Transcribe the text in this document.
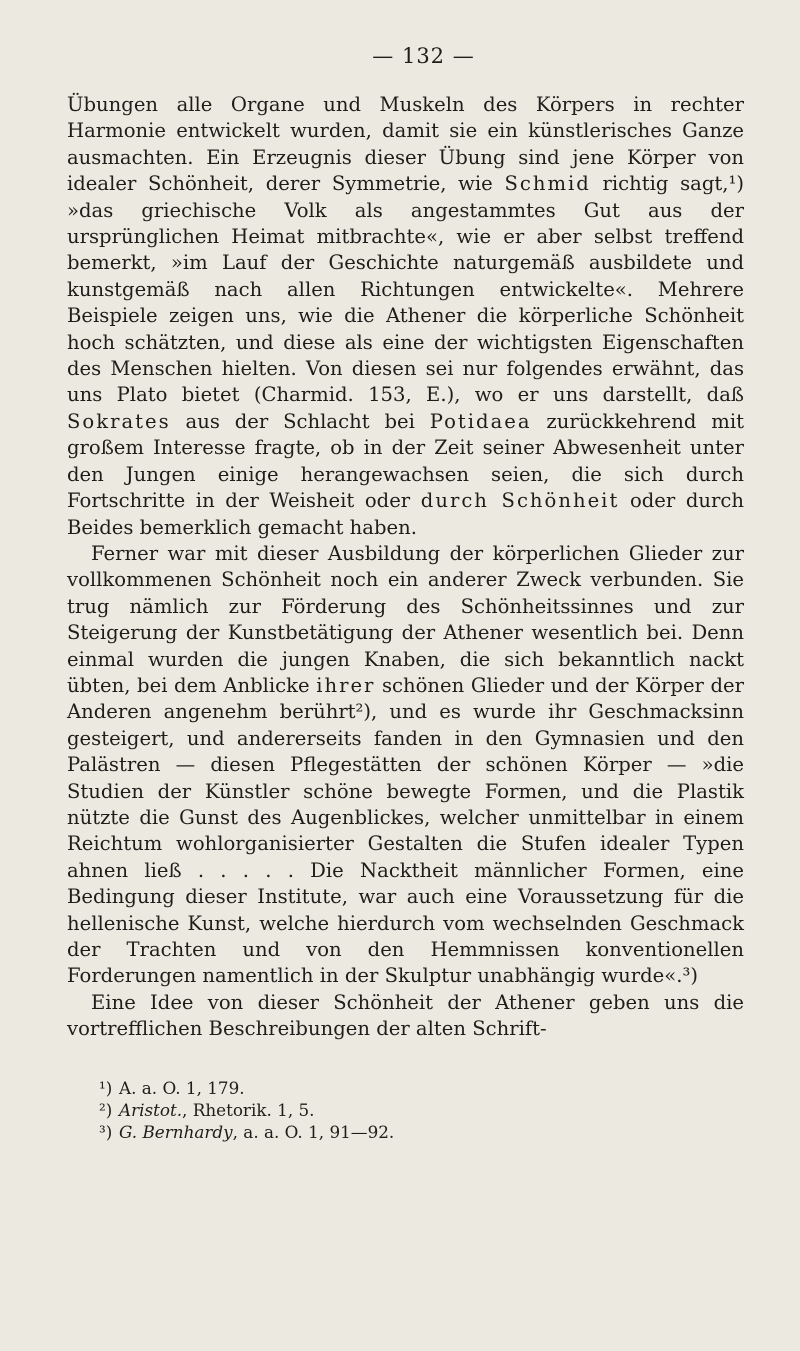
— 132 —

Übungen alle Organe und Muskeln des Körpers in rechter Harmonie entwickelt wurden, damit sie ein künstlerisches Ganze ausmachten. Ein Erzeugnis dieser Übung sind jene Körper von idealer Schönheit, derer Symmetrie, wie Schmid richtig sagt,¹) »das griechische Volk als angestammtes Gut aus der ursprünglichen Heimat mitbrachte«, wie er aber selbst treffend bemerkt, »im Lauf der Geschichte naturgemäß ausbildete und kunstgemäß nach allen Richtungen entwickelte«. Mehrere Beispiele zeigen uns, wie die Athener die körperliche Schönheit hoch schätzten, und diese als eine der wichtigsten Eigenschaften des Menschen hielten. Von diesen sei nur folgendes erwähnt, das uns Plato bietet (Charmid. 153, E.), wo er uns darstellt, daß Sokrates aus der Schlacht bei Potidaea zurückkehrend mit großem Interesse fragte, ob in der Zeit seiner Abwesenheit unter den Jungen einige herangewachsen seien, die sich durch Fortschritte in der Weisheit oder durch Schönheit oder durch Beides bemerklich gemacht haben.

Ferner war mit dieser Ausbildung der körperlichen Glieder zur vollkommenen Schönheit noch ein anderer Zweck verbunden. Sie trug nämlich zur Förderung des Schönheitssinnes und zur Steigerung der Kunstbetätigung der Athener wesentlich bei. Denn einmal wurden die jungen Knaben, die sich bekanntlich nackt übten, bei dem Anblicke ihrer schönen Glieder und der Körper der Anderen angenehm berührt²), und es wurde ihr Geschmacksinn gesteigert, und andererseits fanden in den Gymnasien und den Palästren — diesen Pflegestätten der schönen Körper — »die Studien der Künstler schöne bewegte Formen, und die Plastik nützte die Gunst des Augenblickes, welcher unmittelbar in einem Reichtum wohlorganisierter Gestalten die Stufen idealer Typen ahnen ließ . . . . . Die Nacktheit männlicher Formen, eine Bedingung dieser Institute, war auch eine Voraussetzung für die hellenische Kunst, welche hierdurch vom wechselnden Geschmack der Trachten und von den Hemmnissen konventionellen Forderungen namentlich in der Skulptur unabhängig wurde«.³)

Eine Idee von dieser Schönheit der Athener geben uns die vortrefflichen Beschreibungen der alten Schrift-

¹) A. a. O. 1, 179.

²) Aristot., Rhetorik. 1, 5.

³) G. Bernhardy, a. a. O. 1, 91—92.
